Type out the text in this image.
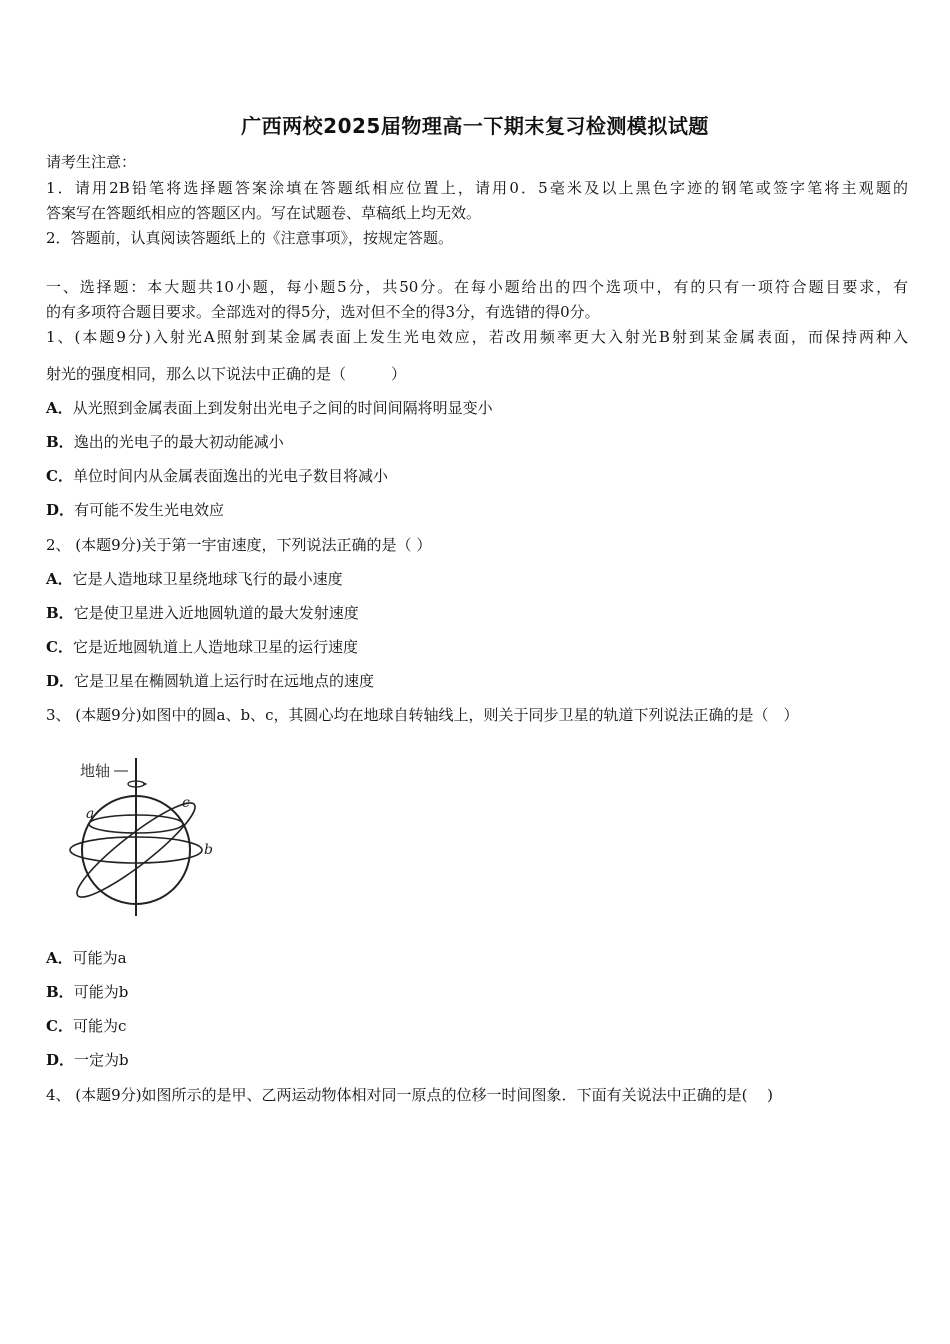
广西两校2025届物理高一下期末复习检测模拟试题
请考生注意：
1．请用2B铅笔将选择题答案涂填在答题纸相应位置上，请用0．5毫米及以上黑色字迹的钢笔或签字笔将主观题的
答案写在答题纸相应的答题区内。写在试题卷、草稿纸上均无效。
2．答题前，认真阅读答题纸上的《注意事项》，按规定答题。
一、选择题：本大题共10小题，每小题5分，共50分。在每小题给出的四个选项中，有的只有一项符合题目要求，有
的有多项符合题目要求。全部选对的得5分，选对但不全的得3分，有选错的得0分。
1、(本题9分)入射光A照射到某金属表面上发生光电效应，若改用频率更大入射光B射到某金属表面，而保持两种入
射光的强度相同，那么以下说法中正确的是（　　　）
A．从光照到金属表面上到发射出光电子之间的时间间隔将明显变小
B．逸出的光电子的最大初动能减小
C．单位时间内从金属表面逸出的光电子数目将减小
D．有可能不发生光电效应
2、 (本题9分)关于第一宇宙速度，下列说法正确的是（ ）
A．它是人造地球卫星绕地球飞行的最小速度
B．它是使卫星进入近地圆轨道的最大发射速度
C．它是近地圆轨道上人造地球卫星的运行速度
D．它是卫星在椭圆轨道上运行时在远地点的速度
3、 (本题9分)如图中的圆a、b、c，其圆心均在地球自转轴线上，则关于同步卫星的轨道下列说法正确的是（　）
地轴
a
b
c
A．可能为a
B．可能为b
C．可能为c
D．一定为b
4、 (本题9分)如图所示的是甲、乙两运动物体相对同一原点的位移一时间图象．下面有关说法中正确的是(　 )
